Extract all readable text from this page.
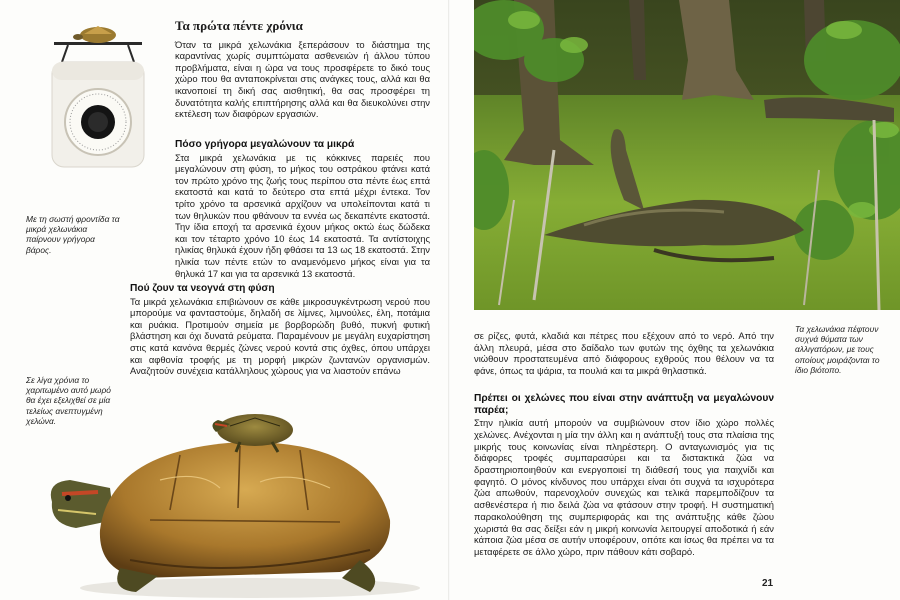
Με τη σωστή φροντίδα τα μικρά χελωνάκια παίρνουν γρήγορα βάρος.
Τα πρώτα πέντε χρόνια

Όταν τα μικρά χελωνάκια ξεπεράσουν το διάστημα της καραντίνας χωρίς συμπτώματα ασθενειών ή άλλου τύπου προβλήματα, είναι η ώρα να τους προσφέρετε το δικό τους χώρο που θα ανταποκρίνεται στις ανάγκες τους, αλλά και θα ικανοποιεί τη δική σας αισθητική, θα σας προσφέρει τη δυνατότητα καλής επιπτήρησης αλλά και θα διευκολύνει στην εκτέλεση των διαφόρων εργασιών.

Πόσο γρήγορα μεγαλώνουν τα μικρά

Στα μικρά χελωνάκια με τις κόκκινες παρειές που μεγαλώνουν στη φύση, το μήκος του οστράκου φτάνει κατά τον πρώτο χρόνο της ζωής τους περίπου στα πέντε έως επτά εκατοστά και κατά το δεύτερο στα επτά μέχρι έντεκα. Τον τρίτο χρόνο τα αρσενικά αρχίζουν να υπολείπονται κατά τι των θηλυκών που φθάνουν τα εννέα ως δεκαπέντε εκατοστά. Την ίδια εποχή τα αρσενικά έχουν μήκος οκτώ έως δώδεκα και τον τέταρτο χρόνο 10 έως 14 εκατοστά. Τα αντίστοιχης ηλικίας θηλυκά έχουν ήδη φθάσει τα 13 ως 18 εκατοστά. Στην ηλικία των πέντε ετών το αναμενόμενο μήκος είναι για τα θηλυκά 17 και για τα αρσενικά 13 εκατοστά.

Πού ζουν τα νεογνά στη φύση

Τα μικρά χελωνάκια επιβιώνουν σε κάθε μικροσυγκέντρωση νερού που μπορούμε να φανταστούμε, δηλαδή σε λίμνες, λιμνούλες, έλη, ποτάμια και ρυάκια. Προτιμούν σημεία με βορβορώδη βυθό, πυκνή φυτική βλάστηση και όχι δυνατά ρεύματα. Παραμένουν με μεγάλη ευχαρίστηση στις κατά κανόνα θερμές ζώνες νερού κοντά στις όχθες, όπου υπάρχει και αφθονία τροφής με τη μορφή μικρών ζωντανών οργανισμών. Αναζητούν συνέχεια κατάλληλους χώρους για να λιαστούν επάνω

Σε λίγα χρόνια το χαριτωμένο αυτό μωρό θα έχει εξελιχθεί σε μία τελείως ανεπτυγμένη χελώνα.
Τα χελωνάκια πέφτουν συχνά θύματα των αλλιγατόρων, με τους οποίους μοιράζονται το ίδιο βιότοπο.

σε ρίζες, φυτά, κλαδιά και πέτρες που εξέχουν από το νερό. Από την άλλη πλευρά, μέσα στο δαίδαλο των φυτών της όχθης τα χελωνάκια νιώθουν προστατευμένα από διάφορους εχθρούς που θέλουν να τα φάνε, όπως τα ψάρια, τα πουλιά και τα μικρά θηλαστικά.

Πρέπει οι χελώνες που είναι στην ανάπτυξη να μεγαλώνουν παρέα;

Στην ηλικία αυτή μπορούν να συμβιώνουν στον ίδιο χώρο πολλές χελώνες. Ανέχονται η μία την άλλη και η ανάπτυξή τους στα πλαίσια της μικρής τους κοινωνίας είναι πληρέστερη. Ο ανταγωνισμός για τις διάφορες τροφές συμπαρασύρει και τα διστακτικά ζώα να δραστηριοποιηθούν και ενεργοποιεί τη διάθεσή τους για παιχνίδι και φαγητό. Ο μόνος κίνδυνος που υπάρχει είναι ότι συχνά τα ισχυρότερα ζώα απωθούν, παρενοχλούν συνεχώς και τελικά παρεμποδίζουν τα ασθενέστερα ή πιο δειλά ζώα να φτάσουν στην τροφή. Η συστηματική παρακολούθηση της συμπεριφοράς και της ανάπτυξης κάθε ζώου χωριστά θα σας δείξει εάν η μικρή κοινωνία λειτουργεί αποδοτικά ή εάν κάποια ζώα μέσα σε αυτήν υποφέρουν, οπότε και ίσως θα πρέπει να τα μεταφέρετε σε άλλο χώρο, πριν πάθουν κάτι σοβαρό.

21
